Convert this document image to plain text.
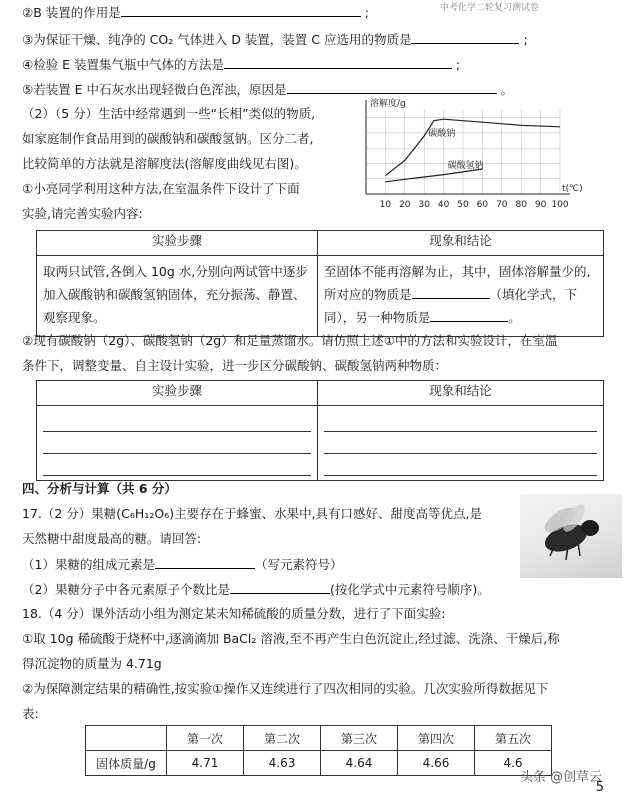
中考化学二轮复习测试卷
②B 装置的作用是	;
③为保证干燥、纯净的 CO₂ 气体进入 D 装置，装置 C 应选用的物质是	;
④检验 E 装置集气瓶中气体的方法是	;
⑤若装置 E 中石灰水出现轻微白色浑浊，原因是	。
（2）（5 分）生活中经常遇到一些“长相”类似的物质,
如家庭制作食品用到的碳酸钠和碳酸氢钠。区分二者,
比较简单的方法就是溶解度法(溶解度曲线见右图)。
①小亮同学利用这种方法,在室温条件下设计了下面
实验,请完善实验内容:
10 20 30 40 50 60 70 80 90 100
溶解度/g
t(℃)
碳酸钠
碳酸氢钠
实验步骤	现象和结论
取两只试管,各倒入 10g 水,分别向两试管中逐步加入碳酸钠和碳酸氢钠固体，充分振荡、静置、观察现象。	至固体不能再溶解为止，其中，固体溶解量少的,
所对应的物质是 （填化学式，下
同），另一种物质是 。
②现有碳酸钠（2g）、碳酸氢钠（2g）和足量蒸馏水。请仿照上述①中的方法和实验设计，在室温
条件下，调整变量、自主设计实验，进一步区分碳酸钠、碳酸氢钠两种物质：
实验步骤	现象和结论

四、分析与计算（共 6 分）
17.（2 分）果糖(C₆H₁₂O₆)主要存在于蜂蜜、水果中,具有口感好、甜度高等优点,是
天然糖中甜度最高的糖。请回答:
（1）果糖的组成元素是	（写元素符号）
（2）果糖分子中各元素原子个数比是	(按化学式中元素符号顺序)。
18.（4 分）课外活动小组为测定某未知稀硫酸的质量分数，进行了下面实验:
①取 10g 稀硫酸于烧杯中,逐滴滴加 BaCl₂ 溶液,至不再产生白色沉淀止,经过滤、洗涤、干燥后,称
得沉淀物的质量为 4.71g
②为保障测定结果的精确性,按实验①操作又连续进行了四次相同的实验。几次实验所得数据见下
表:
	第一次	第二次	第三次	第四次	第五次
固体质量/g	4.71	4.63	4.64	4.66	4.6
头条 @创草云
5
